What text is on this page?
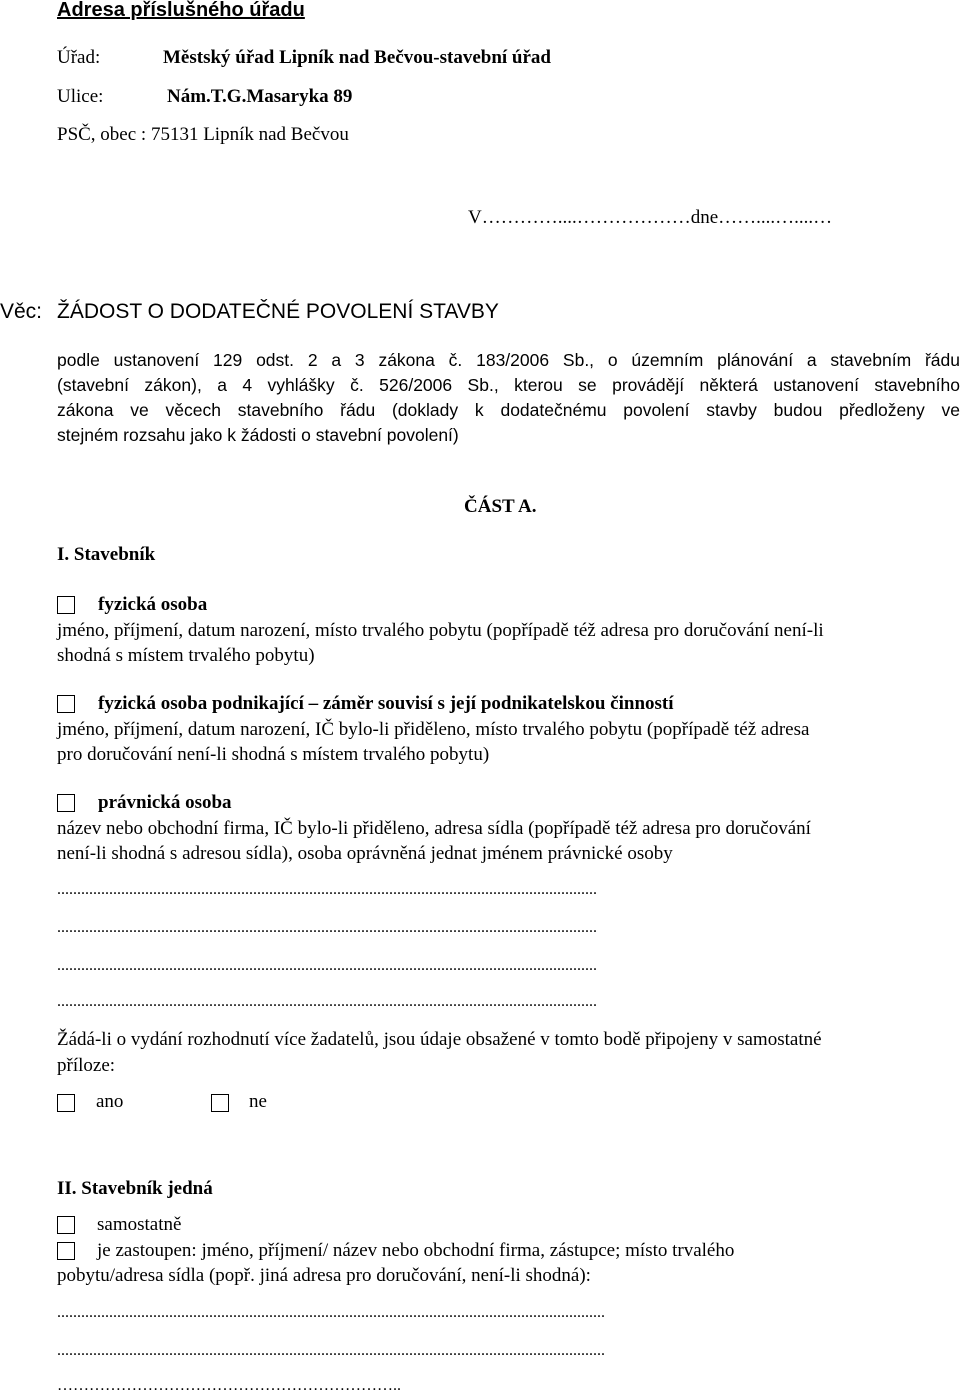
Adresa příslušného úřadu
Úřad:	Městský úřad Lipník nad Bečvou-stavební úřad
Ulice:	Nám.T.G.Masaryka 89
PSČ, obec : 75131 Lipník nad Bečvou
V…………....………………dne……....…....…
Věc: ŽÁDOST O DODATEČNÉ POVOLENÍ STAVBY
podle ustanovení 129 odst. 2 a 3 zákona č. 183/2006 Sb., o územním plánování a stavebním řádu
(stavební zákon), a 4 vyhlášky č. 526/2006 Sb., kterou se provádějí některá ustanovení stavebního
zákona ve věcech stavebního řádu (doklady k dodatečnému povolení stavby budou předloženy ve
stejném rozsahu jako k žádosti o stavební povolení)
ČÁST A.
I. Stavebník
fyzická osoba
jméno, příjmení, datum narození, místo trvalého pobytu (popřípadě též adresa pro doručování není-li
shodná s místem trvalého pobytu)
fyzická osoba podnikající – záměr souvisí s její podnikatelskou činností
jméno, příjmení, datum narození, IČ bylo-li přiděleno, místo trvalého pobytu (popřípadě též adresa
pro doručování není-li shodná s místem trvalého pobytu)
právnická osoba
název nebo obchodní firma, IČ bylo-li přiděleno, adresa sídla (popřípadě též adresa pro doručování
není-li shodná s adresou sídla), osoba oprávněná jednat jménem právnické osoby
.......................................................................................................................................
.......................................................................................................................................
.......................................................................................................................................
.......................................................................................................................................
Žádá-li o vydání rozhodnutí více žadatelů, jsou údaje obsažené v tomto bodě připojeny v samostatné
příloze:
ano	ne
II. Stavebník jedná
samostatně
je zastoupen: jméno, příjmení/ název nebo obchodní firma, zástupce; místo trvalého
pobytu/adresa sídla (popř. jiná adresa pro doručování, není-li shodná):
.........................................................................................................................................
.........................................................................................................................................
………………………………………………………..
